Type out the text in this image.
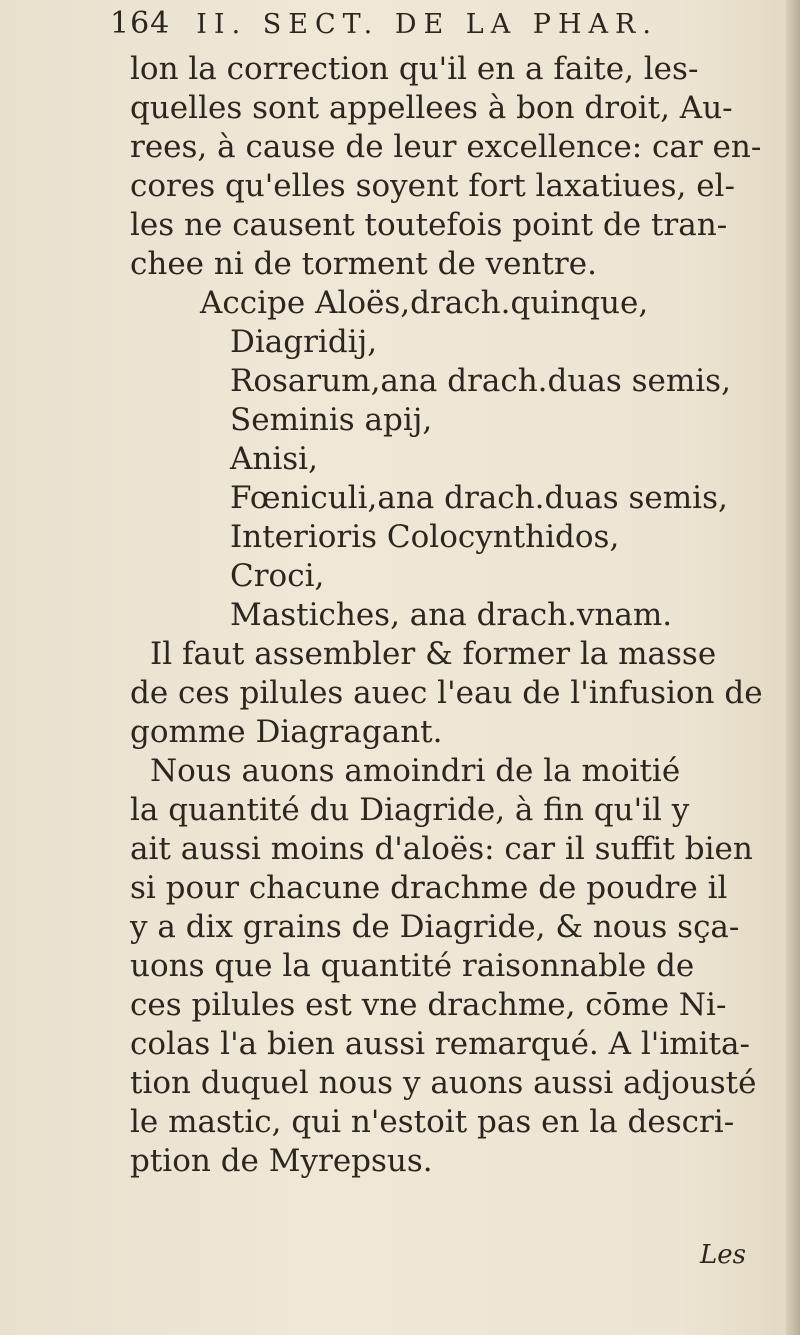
164 II. SECT. DE LA PHAR.
lon la correction qu'il en a faite, les-
quelles sont appellees à bon droit, Au-
rees, à cause de leur excellence: car en-
cores qu'elles soyent fort laxatiues, el-
les ne causent toutefois point de tran-
chee ni de torment de ventre.
Accipe Aloës,drach.quinque,
Diagridij,
Rosarum,ana drach.duas semis,
Seminis apij,
Anisi,
Fœniculi,ana drach.duas semis,
Interioris Colocynthidos,
Croci,
Mastiches, ana drach.vnam.
Il faut assembler & former la masse
de ces pilules auec l'eau de l'infusion de
gomme Diagragant.
Nous auons amoindri de la moitié
la quantité du Diagride, à fin qu'il y
ait aussi moins d'aloës: car il suffit bien
si pour chacune drachme de poudre il
y a dix grains de Diagride, & nous sça-
uons que la quantité raisonnable de
ces pilules est vne drachme, cōme Ni-
colas l'a bien aussi remarqué. A l'imita-
tion duquel nous y auons aussi adjousté
le mastic, qui n'estoit pas en la descri-
ption de Myrepsus.
Les
